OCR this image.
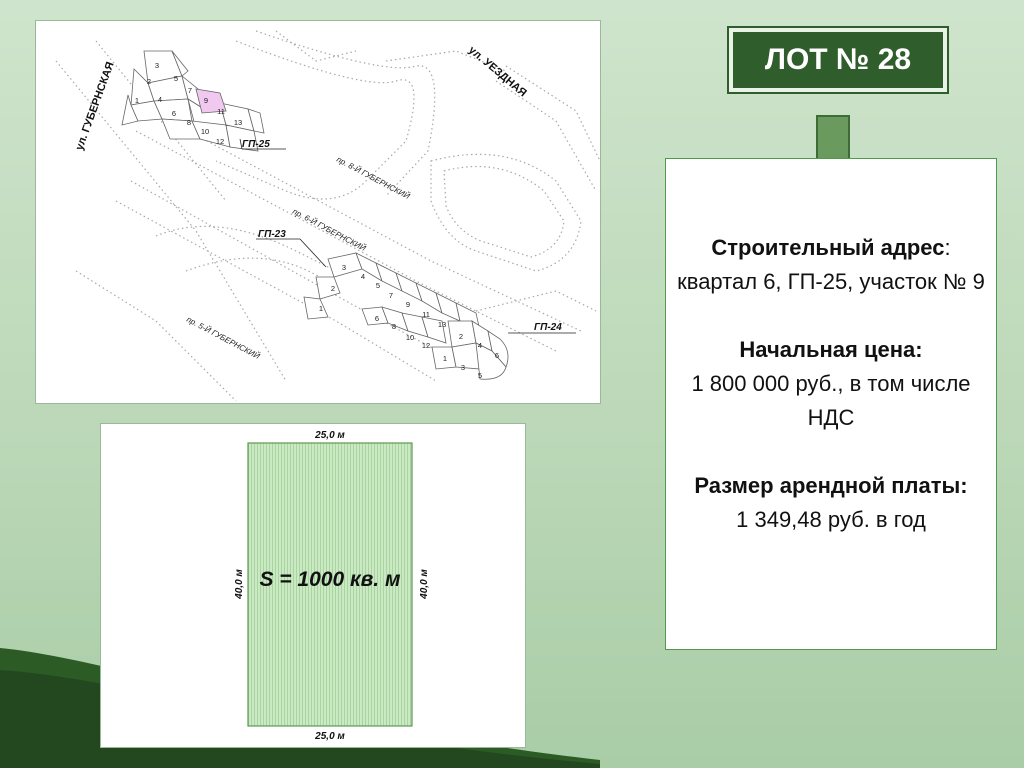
3
2
1
5
4
7
6
9
8
11
10
13
12
3
2
1
4
5
7
6
8
9
10
11
12
13
2
1
4
3
6
5
ГП-25
ГП-23
ГП-24
ул. ГУБЕРНСКАЯ	ул. УЕЗДНАЯ
пр. 8-Й ГУБЕРНСКИЙ
пр. 6-Й ГУБЕРНСКИЙ
пр. 5-Й ГУБЕРНСКИЙ
25,0 м
25,0 м
40,0 м	40,0 м
S = 1000 кв. м
ЛОТ № 28
Строительный адрес:
квартал 6, ГП-25, участок № 9
Начальная цена:
1 800 000 руб., в том числе НДС
Размер арендной платы:
1 349,48 руб. в год
